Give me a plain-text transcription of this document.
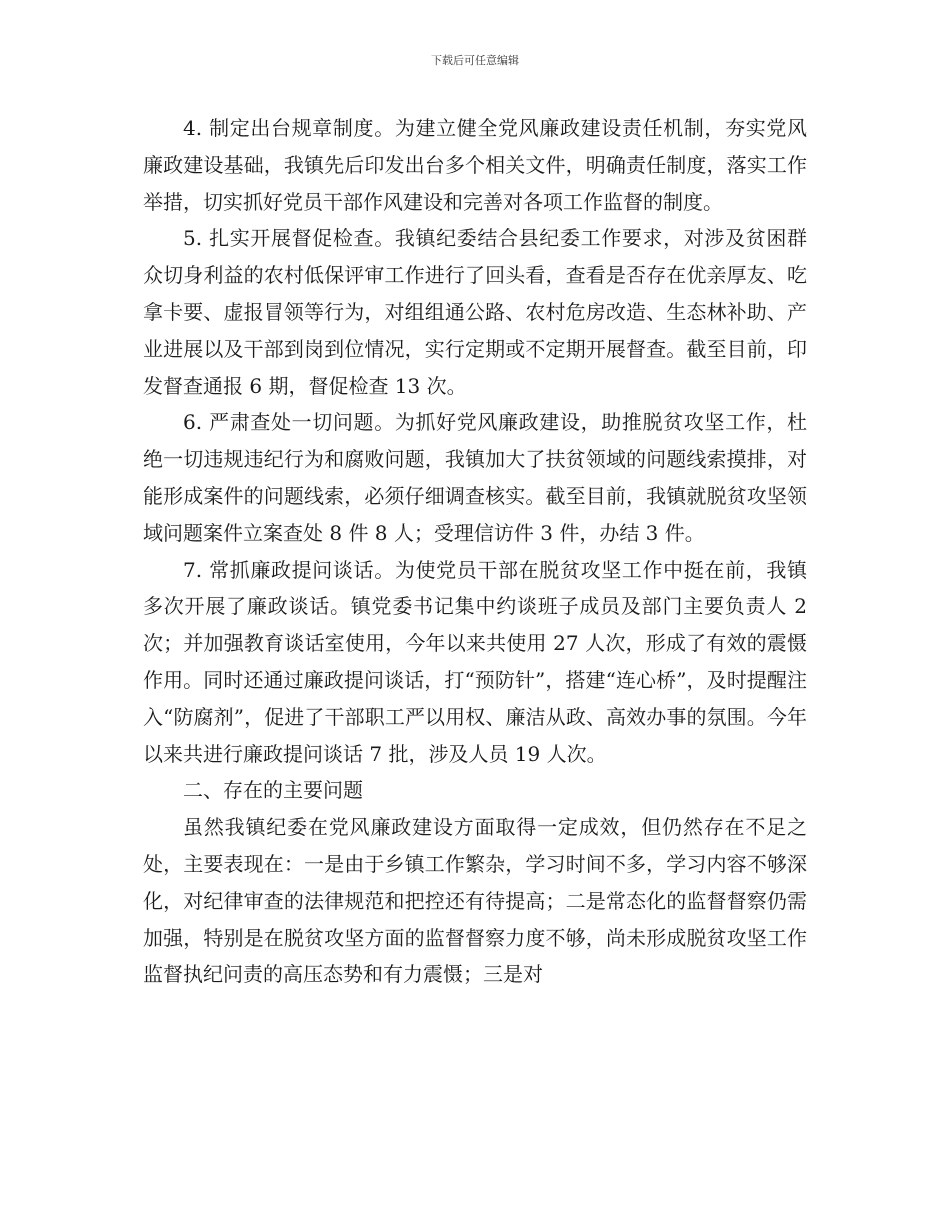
下载后可任意编辑

4. 制定出台规章制度。为建立健全党风廉政建设责任机制，夯实党风廉政建设基础，我镇先后印发出台多个相关文件，明确责任制度，落实工作举措，切实抓好党员干部作风建设和完善对各项工作监督的制度。

5. 扎实开展督促检查。我镇纪委结合县纪委工作要求，对涉及贫困群众切身利益的农村低保评审工作进行了回头看，查看是否存在优亲厚友、吃拿卡要、虚报冒领等行为，对组组通公路、农村危房改造、生态林补助、产业进展以及干部到岗到位情况，实行定期或不定期开展督查。截至目前，印发督查通报 6 期，督促检查 13 次。

6. 严肃查处一切问题。为抓好党风廉政建设，助推脱贫攻坚工作，杜绝一切违规违纪行为和腐败问题，我镇加大了扶贫领域的问题线索摸排，对能形成案件的问题线索，必须仔细调查核实。截至目前，我镇就脱贫攻坚领域问题案件立案查处 8 件 8 人；受理信访件 3 件，办结 3 件。

7. 常抓廉政提问谈话。为使党员干部在脱贫攻坚工作中挺在前，我镇多次开展了廉政谈话。镇党委书记集中约谈班子成员及部门主要负责人 2 次；并加强教育谈话室使用，今年以来共使用 27 人次，形成了有效的震慑作用。同时还通过廉政提问谈话，打“预防针”，搭建“连心桥”，及时提醒注入“防腐剂”，促进了干部职工严以用权、廉洁从政、高效办事的氛围。今年以来共进行廉政提问谈话 7 批，涉及人员 19 人次。

二、存在的主要问题

虽然我镇纪委在党风廉政建设方面取得一定成效，但仍然存在不足之处，主要表现在：一是由于乡镇工作繁杂，学习时间不多，学习内容不够深化，对纪律审查的法律规范和把控还有待提高；二是常态化的监督督察仍需加强，特别是在脱贫攻坚方面的监督督察力度不够，尚未形成脱贫攻坚工作监督执纪问责的高压态势和有力震慑；三是对
